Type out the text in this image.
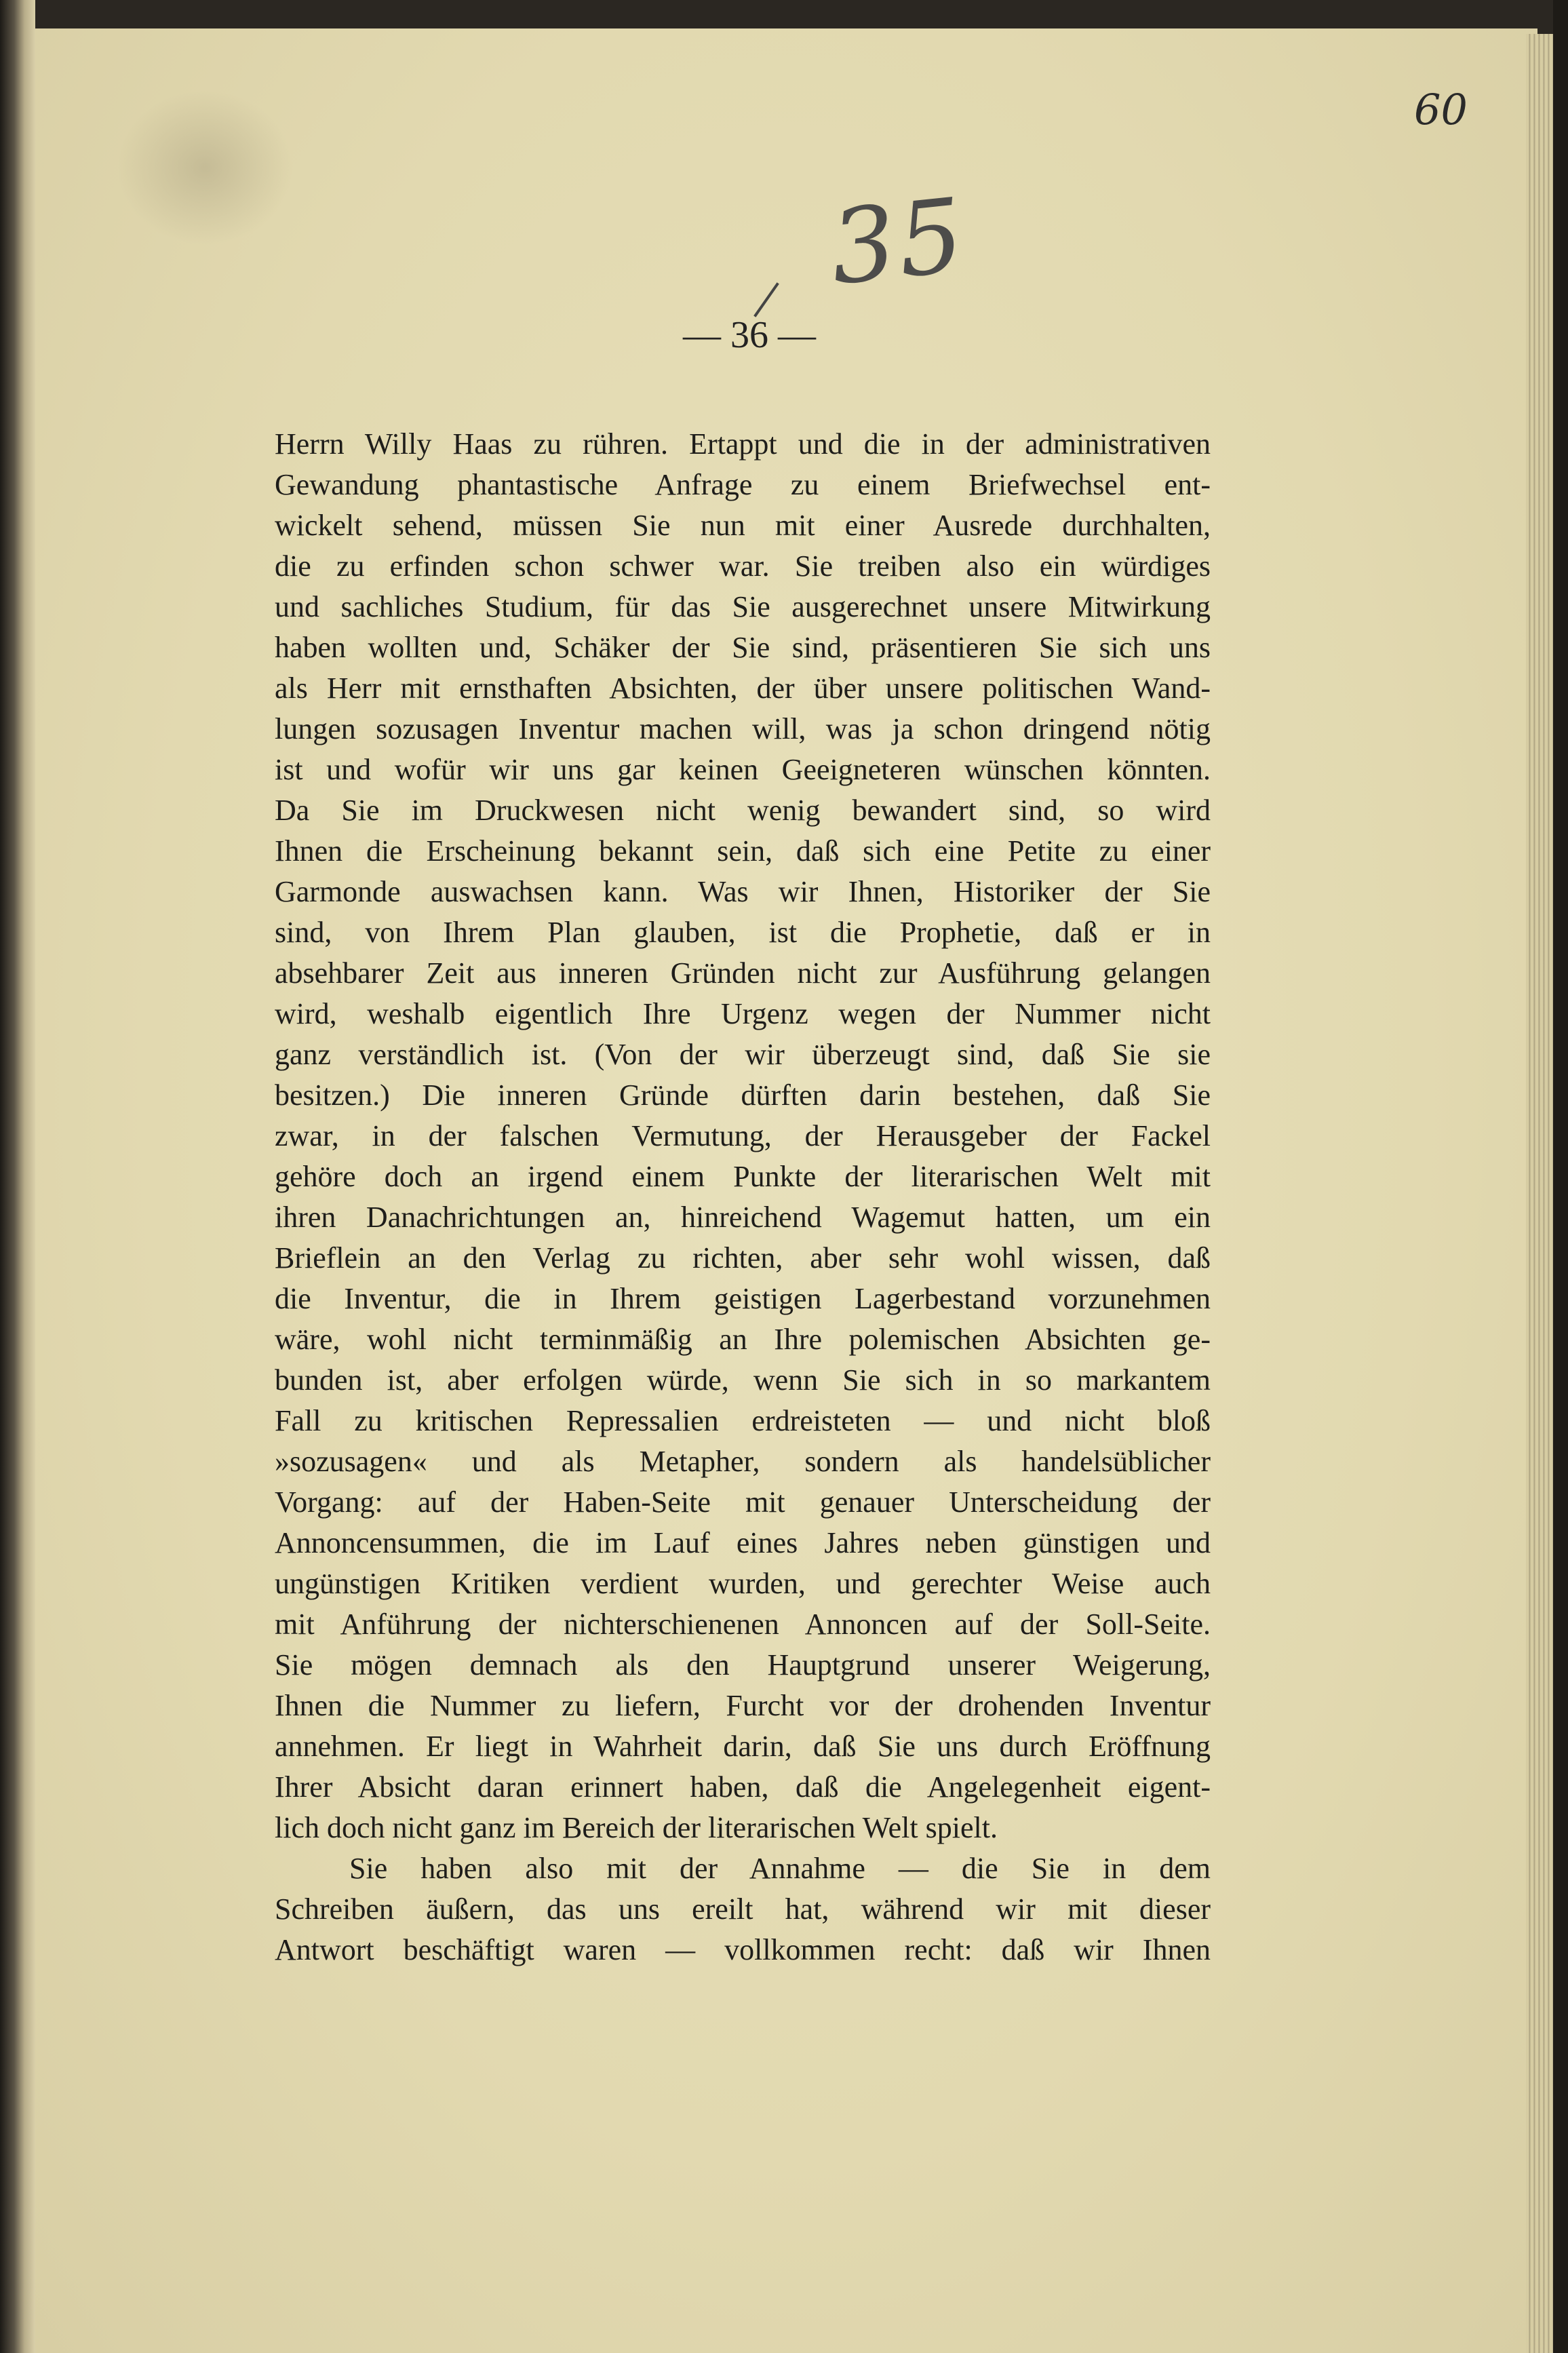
60
35
— 36 —
Herrn Willy Haas zu rühren. Ertappt und die in der administrativen
Gewandung phantastische Anfrage zu einem Briefwechsel ent-
wickelt sehend, müssen Sie nun mit einer Ausrede durchhalten,
die zu erfinden schon schwer war. Sie treiben also ein würdiges
und sachliches Studium, für das Sie ausgerechnet unsere Mitwirkung
haben wollten und, Schäker der Sie sind, präsentieren Sie sich uns
als Herr mit ernsthaften Absichten, der über unsere politischen Wand-
lungen sozusagen Inventur machen will, was ja schon dringend nötig
ist und wofür wir uns gar keinen Geeigneteren wünschen könnten.
Da Sie im Druckwesen nicht wenig bewandert sind, so wird
Ihnen die Erscheinung bekannt sein, daß sich eine Petite zu einer
Garmonde auswachsen kann. Was wir Ihnen, Historiker der Sie
sind, von Ihrem Plan glauben, ist die Prophetie, daß er in
absehbarer Zeit aus inneren Gründen nicht zur Ausführung gelangen
wird, weshalb eigentlich Ihre Urgenz wegen der Nummer nicht
ganz verständlich ist. (Von der wir überzeugt sind, daß Sie sie
besitzen.) Die inneren Gründe dürften darin bestehen, daß Sie
zwar, in der falschen Vermutung, der Herausgeber der Fackel
gehöre doch an irgend einem Punkte der literarischen Welt mit
ihren Danachrichtungen an, hinreichend Wagemut hatten, um ein
Brieflein an den Verlag zu richten, aber sehr wohl wissen, daß
die Inventur, die in Ihrem geistigen Lagerbestand vorzunehmen
wäre, wohl nicht terminmäßig an Ihre polemischen Absichten ge-
bunden ist, aber erfolgen würde, wenn Sie sich in so markantem
Fall zu kritischen Repressalien erdreisteten — und nicht bloß
»sozusagen« und als Metapher, sondern als handelsüblicher
Vorgang: auf der Haben-Seite mit genauer Unterscheidung der
Annoncensummen, die im Lauf eines Jahres neben günstigen und
ungünstigen Kritiken verdient wurden, und gerechter Weise auch
mit Anführung der nichterschienenen Annoncen auf der Soll-Seite.
Sie mögen demnach als den Hauptgrund unserer Weigerung,
Ihnen die Nummer zu liefern, Furcht vor der drohenden Inventur
annehmen. Er liegt in Wahrheit darin, daß Sie uns durch Eröffnung
Ihrer Absicht daran erinnert haben, daß die Angelegenheit eigent-
lich doch nicht ganz im Bereich der literarischen Welt spielt.
Sie haben also mit der Annahme — die Sie in dem
Schreiben äußern, das uns ereilt hat, während wir mit dieser
Antwort beschäftigt waren — vollkommen recht: daß wir Ihnen
